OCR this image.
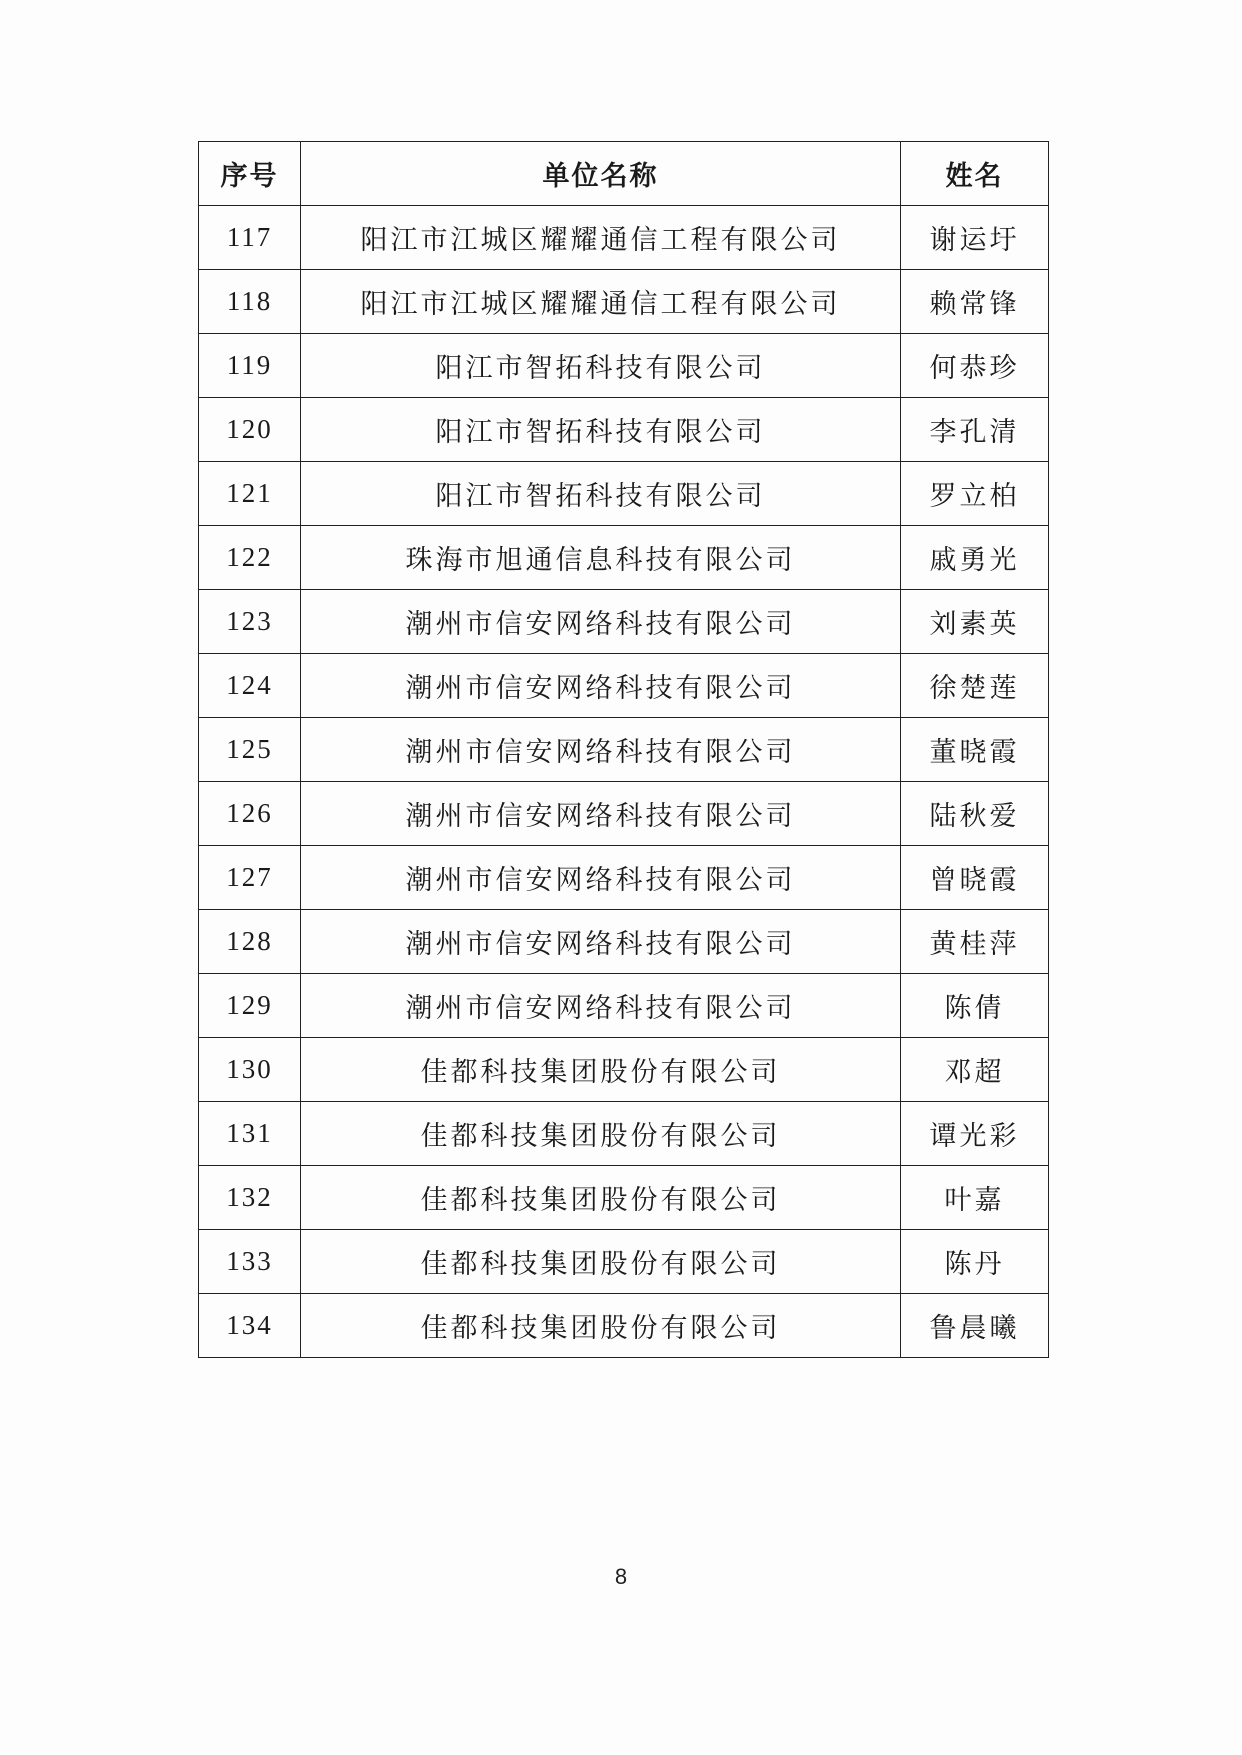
序号	单位名称	姓名
117	阳江市江城区耀耀通信工程有限公司	谢运圩
118	阳江市江城区耀耀通信工程有限公司	赖常锋
119	阳江市智拓科技有限公司	何恭珍
120	阳江市智拓科技有限公司	李孔清
121	阳江市智拓科技有限公司	罗立柏
122	珠海市旭通信息科技有限公司	戚勇光
123	潮州市信安网络科技有限公司	刘素英
124	潮州市信安网络科技有限公司	徐楚莲
125	潮州市信安网络科技有限公司	董晓霞
126	潮州市信安网络科技有限公司	陆秋爱
127	潮州市信安网络科技有限公司	曾晓霞
128	潮州市信安网络科技有限公司	黄桂萍
129	潮州市信安网络科技有限公司	陈倩
130	佳都科技集团股份有限公司	邓超
131	佳都科技集团股份有限公司	谭光彩
132	佳都科技集团股份有限公司	叶嘉
133	佳都科技集团股份有限公司	陈丹
134	佳都科技集团股份有限公司	鲁晨曦
8
